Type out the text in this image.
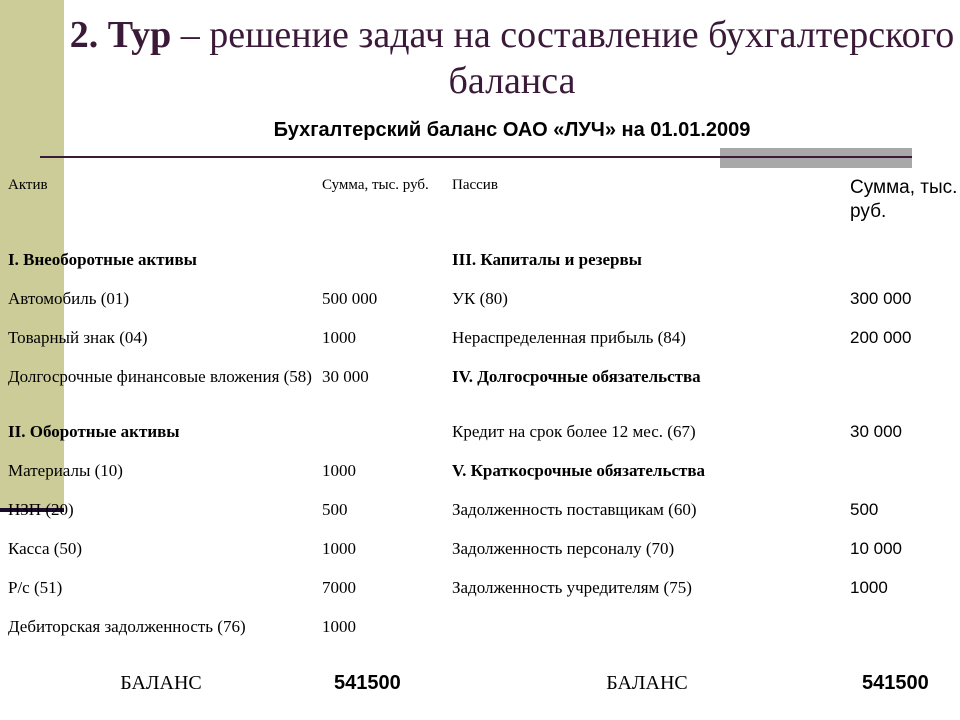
2. Тур – решение задач на составление бухгалтерского баланса
Бухгалтерский баланс ОАО «ЛУЧ» на 01.01.2009
Актив	Сумма, тыс. руб.	Пассив	Сумма, тыс. руб.
I. Внеоборотные активы		III. Капиталы и резервы	
Автомобиль (01)	500 000	УК (80)	300 000
Товарный знак (04)	1000	Нераспределенная прибыль (84)	200 000
Долгосрочные финансовые вложения (58)	30 000	IV. Долгосрочные обязательства	
II. Оборотные активы		Кредит на срок более 12 мес. (67)	30 000
Материалы (10)	1000	V. Краткосрочные обязательства	
НЗП (20)	500	Задолженность поставщикам (60)	500
Касса (50)	1000	Задолженность персоналу (70)	10 000
Р/с (51)	7000	Задолженность учредителям (75)	1000
Дебиторская задолженность (76)	1000		
БАЛАНС	541500	БАЛАНС	541500
